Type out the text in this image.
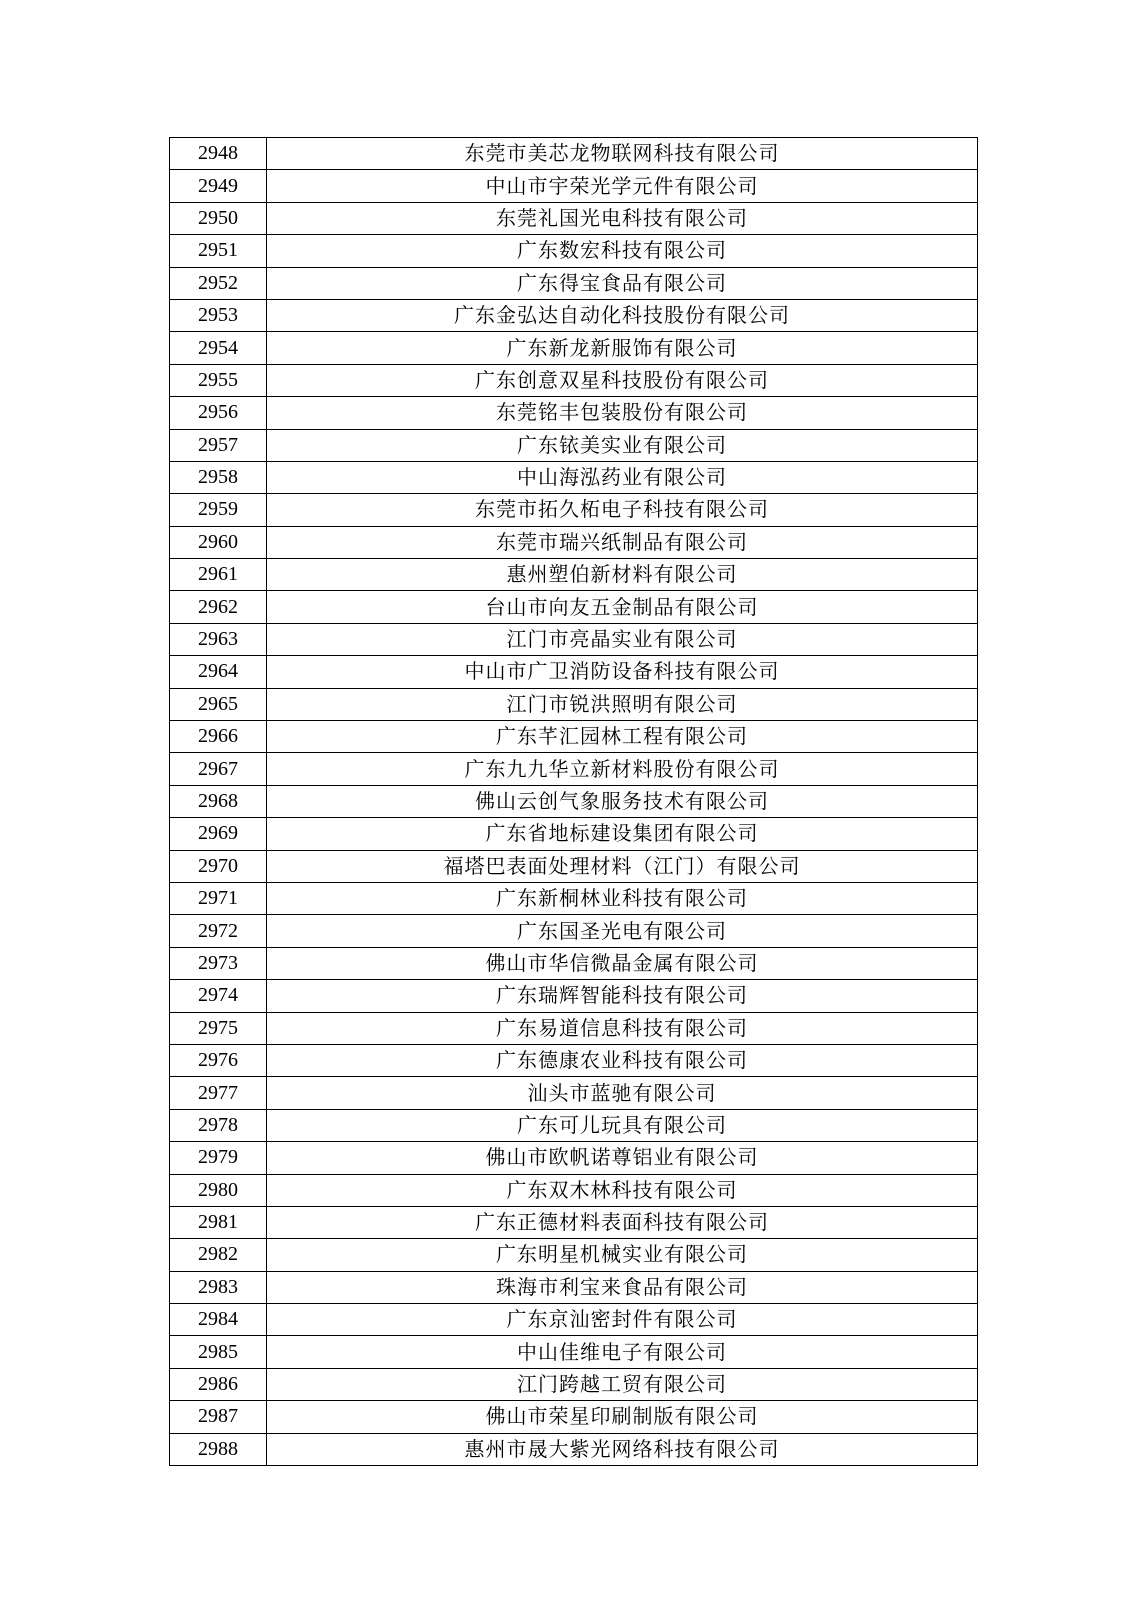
2948	东莞市美芯龙物联网科技有限公司
2949	中山市宇荣光学元件有限公司
2950	东莞礼国光电科技有限公司
2951	广东数宏科技有限公司
2952	广东得宝食品有限公司
2953	广东金弘达自动化科技股份有限公司
2954	广东新龙新服饰有限公司
2955	广东创意双星科技股份有限公司
2956	东莞铭丰包装股份有限公司
2957	广东铱美实业有限公司
2958	中山海泓药业有限公司
2959	东莞市拓久柘电子科技有限公司
2960	东莞市瑞兴纸制品有限公司
2961	惠州塑伯新材料有限公司
2962	台山市向友五金制品有限公司
2963	江门市亮晶实业有限公司
2964	中山市广卫消防设备科技有限公司
2965	江门市锐洪照明有限公司
2966	广东芊汇园林工程有限公司
2967	广东九九华立新材料股份有限公司
2968	佛山云创气象服务技术有限公司
2969	广东省地标建设集团有限公司
2970	福塔巴表面处理材料（江门）有限公司
2971	广东新桐林业科技有限公司
2972	广东国圣光电有限公司
2973	佛山市华信微晶金属有限公司
2974	广东瑞辉智能科技有限公司
2975	广东易道信息科技有限公司
2976	广东德康农业科技有限公司
2977	汕头市蓝驰有限公司
2978	广东可儿玩具有限公司
2979	佛山市欧帆诺尊铝业有限公司
2980	广东双木林科技有限公司
2981	广东正德材料表面科技有限公司
2982	广东明星机械实业有限公司
2983	珠海市利宝来食品有限公司
2984	广东京汕密封件有限公司
2985	中山佳维电子有限公司
2986	江门跨越工贸有限公司
2987	佛山市荣星印刷制版有限公司
2988	惠州市晟大紫光网络科技有限公司
